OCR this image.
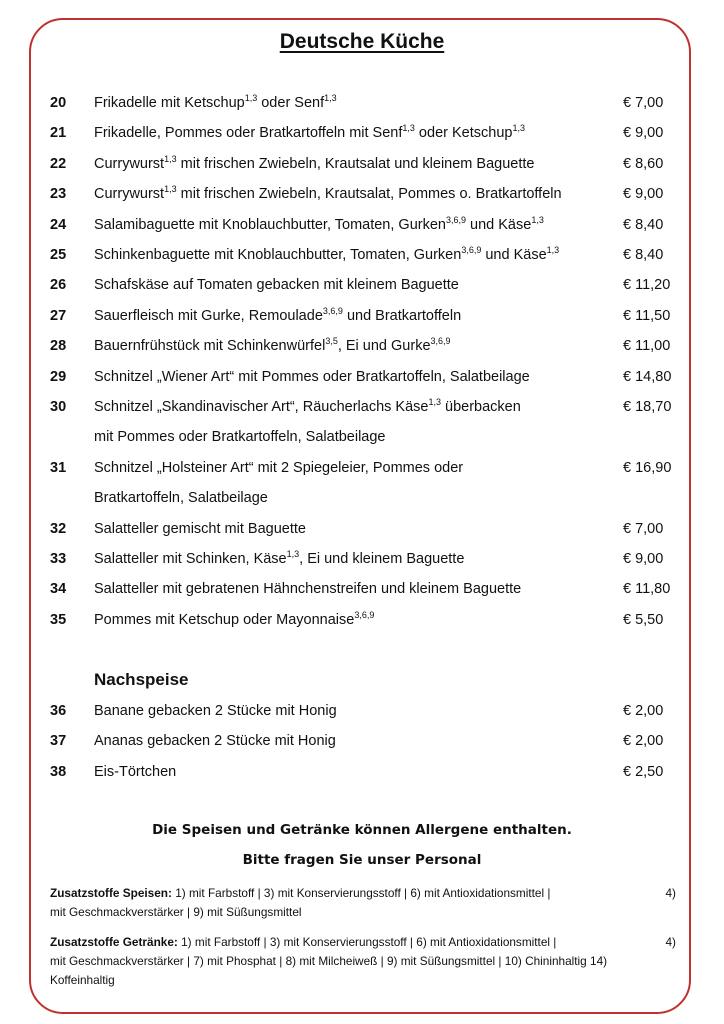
Deutsche Küche
20 Frikadelle mit Ketschup$^{1,3}$ oder Senf$^{1,3}$	€ 7,00
21 Frikadelle, Pommes oder Bratkartoffeln mit Senf$^{1,3}$ oder Ketschup$^{1,3}$	€ 9,00
22 Currywurst$^{1,3}$ mit frischen Zwiebeln, Krautsalat und kleinem Baguette	€ 8,60
23 Currywurst$^{1,3}$ mit frischen Zwiebeln, Krautsalat, Pommes o. Bratkartoffeln	€ 9,00
24 Salamibaguette mit Knoblauchbutter, Tomaten, Gurken$^{3,6,9}$ und Käse$^{1,3}$	€ 8,40
25 Schinkenbaguette mit Knoblauchbutter, Tomaten, Gurken$^{3,6,9}$ und Käse$^{1,3}$	€ 8,40
26 Schafskäse auf Tomaten gebacken mit kleinem Baguette	€ 11,20
27 Sauerfleisch mit Gurke, Remoulade$^{3,6,9}$ und Bratkartoffeln	€ 11,50
28 Bauernfrühstück mit Schinkenwürfel$^{3,5}$, Ei und Gurke$^{3,6,9}$	€ 11,00
29 Schnitzel „Wiener Art“ mit Pommes oder Bratkartoffeln, Salatbeilage	€ 14,80
30 Schnitzel „Skandinavischer Art“, Räucherlachs Käse$^{1,3}$ überbacken	€ 18,70
mit Pommes oder Bratkartoffeln, Salatbeilage
31 Schnitzel „Holsteiner Art“ mit 2 Spiegeleier, Pommes oder	€ 16,90
Bratkartoffeln, Salatbeilage
32 Salatteller gemischt mit Baguette	€ 7,00
33 Salatteller mit Schinken, Käse$^{1,3}$, Ei und kleinem Baguette	€ 9,00
34 Salatteller mit gebratenen Hähnchenstreifen und kleinem Baguette	€ 11,80
35 Pommes mit Ketschup oder Mayonnaise$^{3,6,9}$	€ 5,50
Nachspeise
36 Banane gebacken 2 Stücke mit Honig	€ 2,00
37 Ananas gebacken 2 Stücke mit Honig	€ 2,00
38 Eis-Törtchen	€ 2,50
Die Speisen und Getränke können Allergene enthalten.
Bitte fragen Sie unser Personal
Zusatzstoffe Speisen: 1) mit Farbstoff | 3) mit Konservierungsstoff | 6) mit Antioxidationsmittel |	4)
mit Geschmackverstärker | 9) mit Süßungsmittel
Zusatzstoffe Getränke: 1) mit Farbstoff | 3) mit Konservierungsstoff | 6) mit Antioxidationsmittel |	4)
mit Geschmackverstärker | 7) mit Phosphat | 8) mit Milcheiweß | 9) mit Süßungsmittel | 10) Chininhaltig 14)
Koffeinhaltig
